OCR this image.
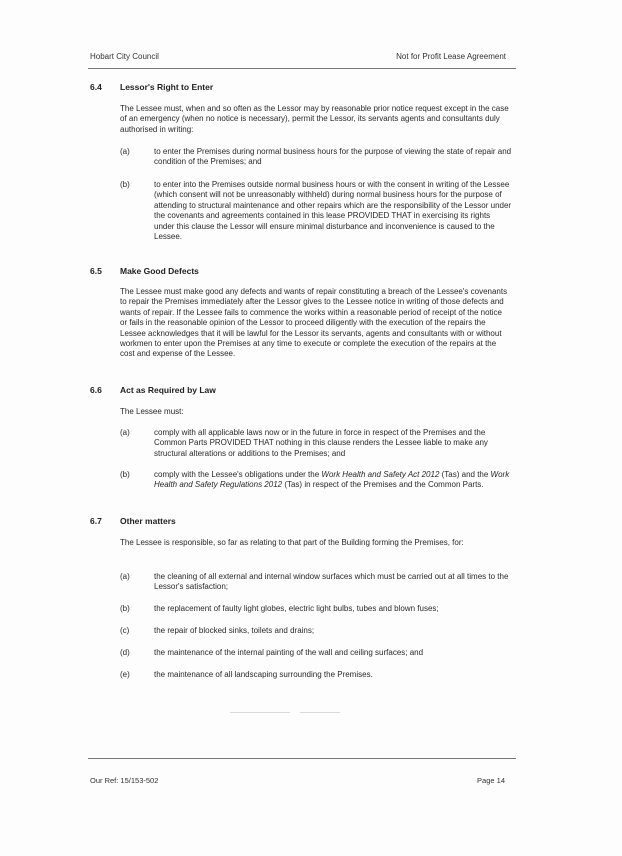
Hobart City Council	Not for Profit Lease Agreement
6.4 Lessor's Right to Enter
The Lessee must, when and so often as the Lessor may by reasonable prior notice request except in the case of an emergency (when no notice is necessary), permit the Lessor, its servants agents and consultants duly authorised in writing:
(a)	to enter the Premises during normal business hours for the purpose of viewing the state of repair and condition of the Premises; and
(b)	to enter into the Premises outside normal business hours or with the consent in writing of the Lessee (which consent will not be unreasonably withheld) during normal business hours for the purpose of attending to structural maintenance and other repairs which are the responsibility of the Lessor under the covenants and agreements contained in this lease PROVIDED THAT in exercising its rights under this clause the Lessor will ensure minimal disturbance and inconvenience is caused to the Lessee.
6.5 Make Good Defects
The Lessee must make good any defects and wants of repair constituting a breach of the Lessee's covenants to repair the Premises immediately after the Lessor gives to the Lessee notice in writing of those defects and wants of repair. If the Lessee fails to commence the works within a reasonable period of receipt of the notice or fails in the reasonable opinion of the Lessor to proceed diligently with the execution of the repairs the Lessee acknowledges that it will be lawful for the Lessor its servants, agents and consultants with or without workmen to enter upon the Premises at any time to execute or complete the execution of the repairs at the cost and expense of the Lessee.
6.6 Act as Required by Law
The Lessee must:
(a)	comply with all applicable laws now or in the future in force in respect of the Premises and the Common Parts PROVIDED THAT nothing in this clause renders the Lessee liable to make any structural alterations or additions to the Premises; and
(b)	comply with the Lessee's obligations under the Work Health and Safety Act 2012 (Tas) and the Work Health and Safety Regulations 2012 (Tas) in respect of the Premises and the Common Parts.
6.7 Other matters
The Lessee is responsible, so far as relating to that part of the Building forming the Premises, for:
(a)	the cleaning of all external and internal window surfaces which must be carried out at all times to the Lessor's satisfaction;
(b)	the replacement of faulty light globes, electric light bulbs, tubes and blown fuses;
(c)	the repair of blocked sinks, toilets and drains;
(d)	the maintenance of the internal painting of the wall and ceiling surfaces; and
(e)	the maintenance of all landscaping surrounding the Premises.
Our Ref: 15/153-502	Page 14
